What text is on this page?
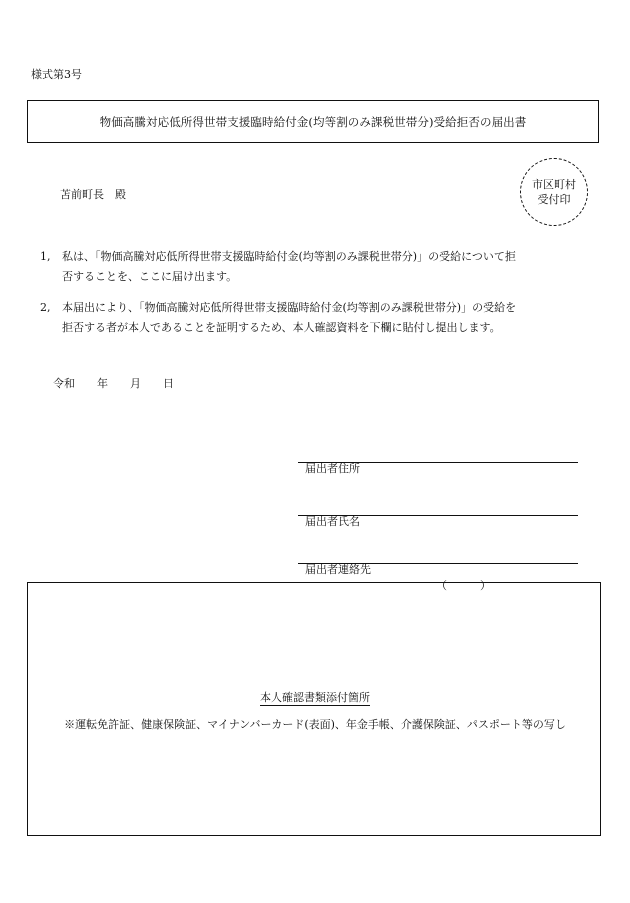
様式第3号
物価高騰対応低所得世帯支援臨時給付金(均等割のみ課税世帯分)受給拒否の届出書
市区町村
受付印
苫前町長　殿
1, 私は、「物価高騰対応低所得世帯支援臨時給付金(均等割のみ課税世帯分)」の受給について拒
否することを、ここに届け出ます。
2, 本届出により、「物価高騰対応低所得世帯支援臨時給付金(均等割のみ課税世帯分)」の受給を
拒否する者が本人であることを証明するため、本人確認資料を下欄に貼付し提出します。
令和　　年　　月　　日

届出者住所

届出者氏名

届出者連絡先

（　　　）

本人確認書類添付箇所
※運転免許証、健康保険証、マイナンバーカード(表面)、年金手帳、介護保険証、パスポート等の写し
